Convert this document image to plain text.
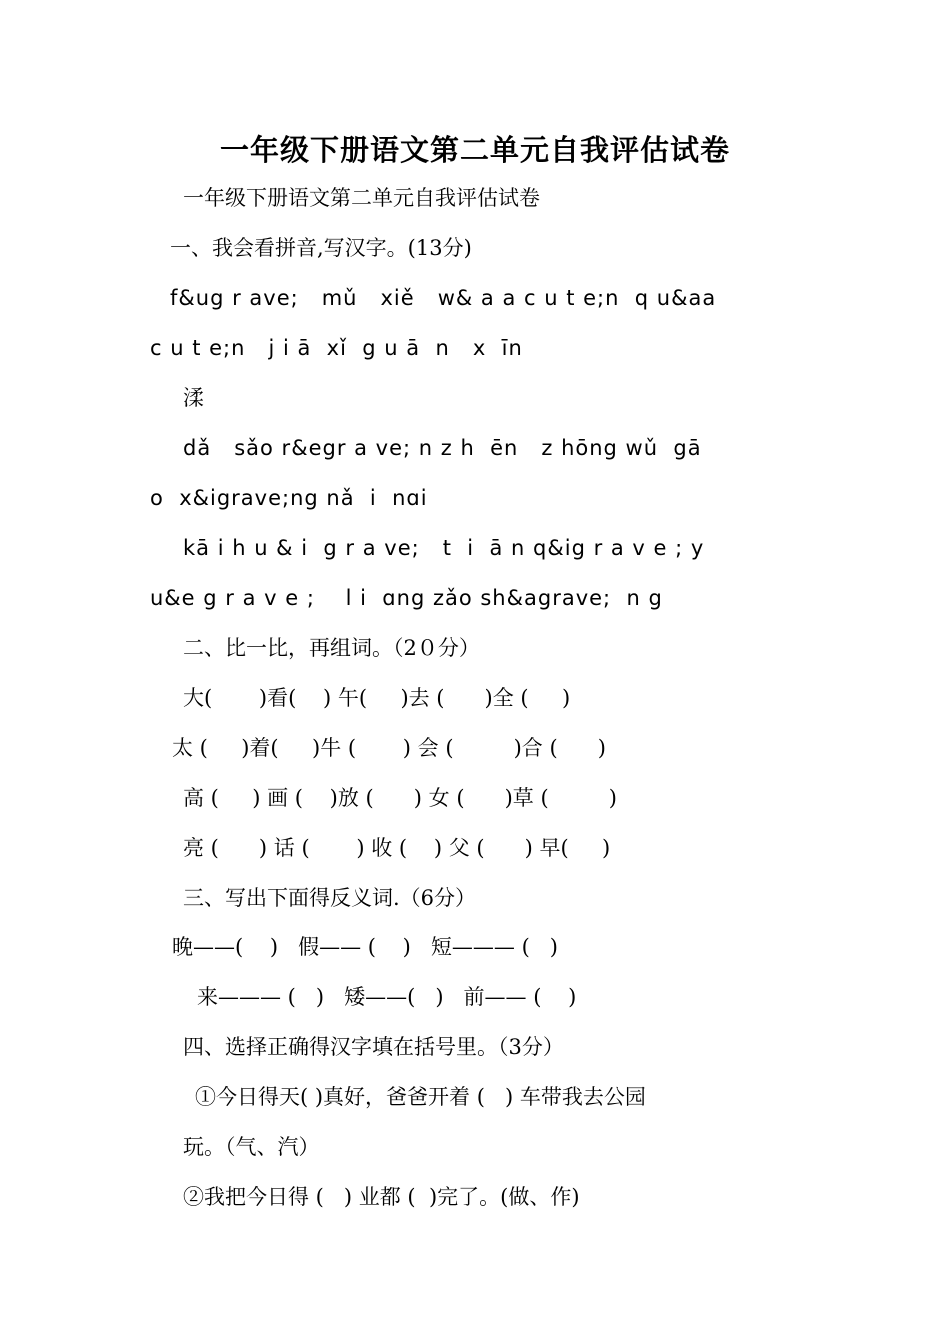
一年级下册语文第二单元自我评估试卷
一年级下册语文第二单元自我评估试卷
一、我会看拼音,写汉字。(13分)
f&ug r ave;   mǔ   xiě   w& a a c u t e;n  q u&aa
c u t e;n   j i ā  xǐ  g u ā  n   x  īn
渘
dǎ   sǎo r&egr a ve; n z h  ēn   z hōng wǔ  gā
o  x&igrave;ng nǎ  i  nɑi
kā i h u & i  g r a ve;   t  i  ā n q&ig r a v e ; y
u&e g r a v e ;    l i  ɑng zǎo sh&agrave;  n g
二、比一比，再组词。（2０分）
大(       )看(    ) 午(     )去 (      )全 (     )
太 (     )着(     )牛 (       ) 会 (         )合 (      )
高 (     ) 画 (    )放 (      ) 女 (      )草 (         )
亮 (      ) 话 (       ) 收 (    ) 父 (      ) 早(     )
三、写出下面得反义词.（6分）
晚——(    )   假—— (    )   短——— (   )
来——— (   )   矮——(   )   前—— (    )
四、选择正确得汉字填在括号里。（3分）
①今日得天( )真好，爸爸开着 (   ) 车带我去公园
玩。（气、汽）
②我把今日得 (   ) 业都 (  )完了。(做、作)
